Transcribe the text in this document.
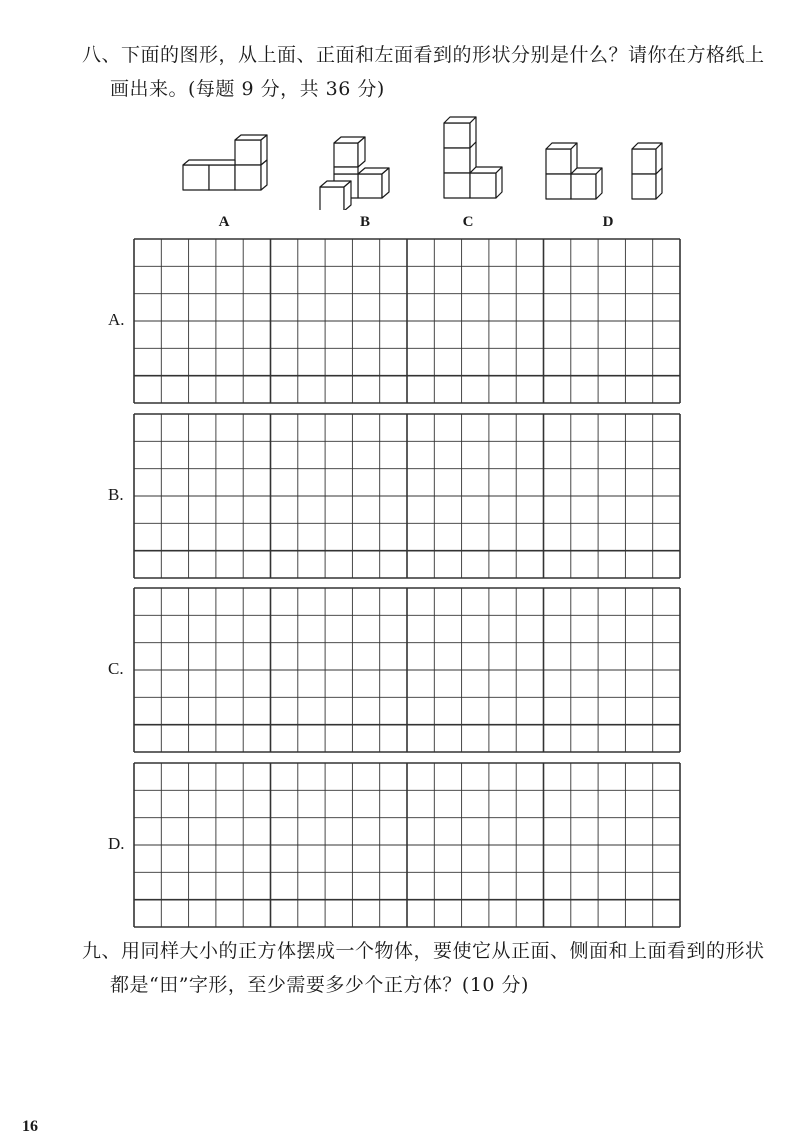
八、下面的图形，从上面、正面和左面看到的形状分别是什么？请你在方格纸上
画出来。(每题 9 分，共 36 分)
A	B	C	D
A.
B.
C.
D.
九、用同样大小的正方体摆成一个物体，要使它从正面、侧面和上面看到的形状
都是“田”字形，至少需要多少个正方体？(10 分)
16
